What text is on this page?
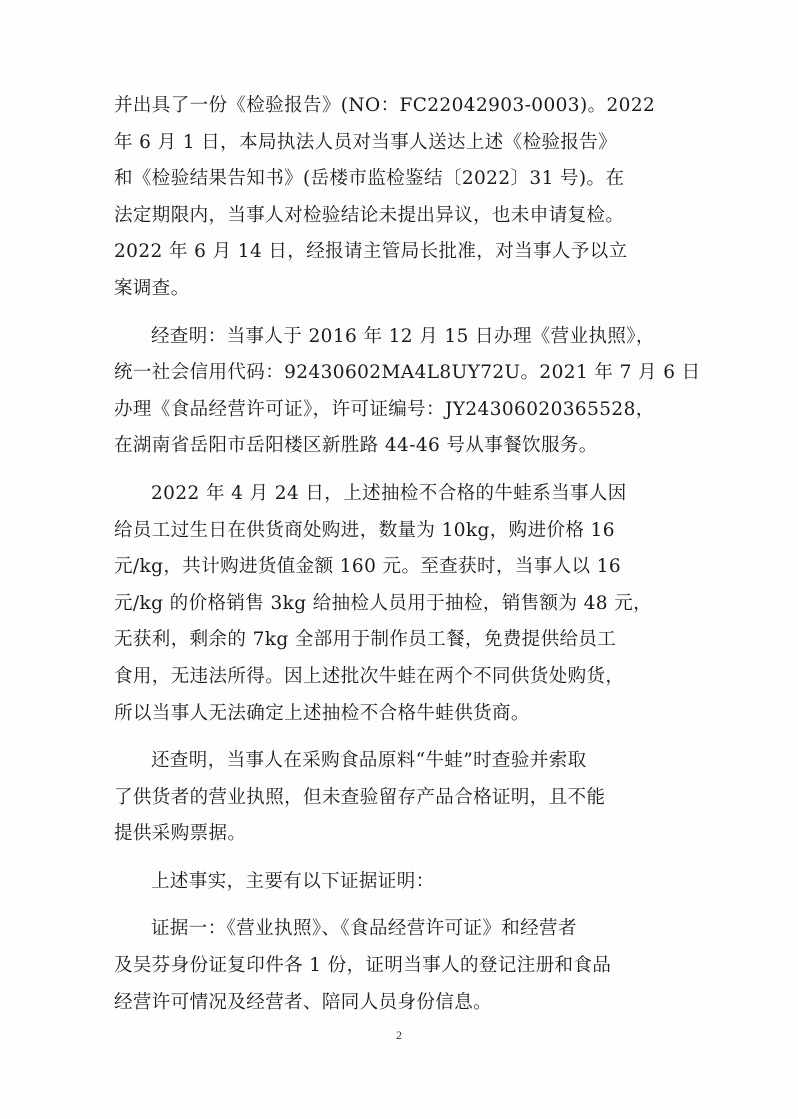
并出具了一份《检验报告》(NO：FC22042903-0003)。2022
年 6 月 1 日，本局执法人员对当事人送达上述《检验报告》
和《检验结果告知书》(岳楼市监检鉴结〔2022〕31 号)。在
法定期限内，当事人对检验结论未提出异议，也未申请复检。
2022 年 6 月 14 日，经报请主管局长批准，对当事人予以立
案调查。

经查明：当事人于 2016 年 12 月 15 日办理《营业执照》，
统一社会信用代码：92430602MA4L8UY72U。2021 年 7 月 6 日
办理《食品经营许可证》，许可证编号：JY24306020365528，
在湖南省岳阳市岳阳楼区新胜路 44-46 号从事餐饮服务。

2022 年 4 月 24 日，上述抽检不合格的牛蛙系当事人因
给员工过生日在供货商处购进，数量为 10kg，购进价格 16
元/kg，共计购进货值金额 160 元。至查获时，当事人以 16
元/kg 的价格销售 3kg 给抽检人员用于抽检，销售额为 48 元，
无获利，剩余的 7kg 全部用于制作员工餐，免费提供给员工
食用，无违法所得。因上述批次牛蛙在两个不同供货处购货，
所以当事人无法确定上述抽检不合格牛蛙供货商。

还查明，当事人在采购食品原料“牛蛙”时查验并索取
了供货者的营业执照，但未查验留存产品合格证明，且不能
提供采购票据。

上述事实，主要有以下证据证明：

证据一：《营业执照》、《食品经营许可证》和经营者
及吴芬身份证复印件各 1 份，证明当事人的登记注册和食品
经营许可情况及经营者、陪同人员身份信息。

2
